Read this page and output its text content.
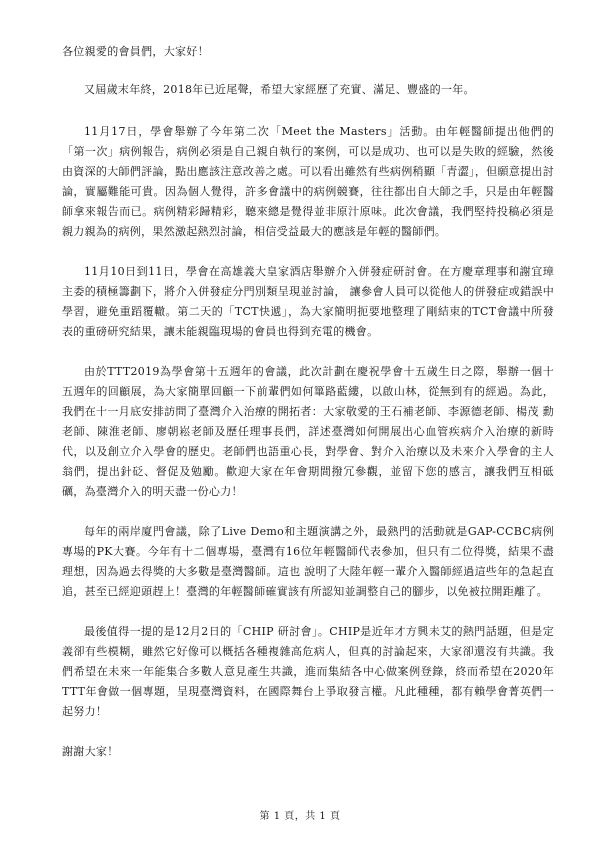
各位親愛的會員們，大家好！

又屆歲末年終，2018年已近尾聲，希望大家經歷了充實、滿足、豐盛的一年。

11月17日，學會舉辦了今年第二次「Meet the Masters」活動。由年輕醫師提出他們的「第一次」病例報告，病例必須是自己親自執行的案例，可以是成功、也可以是失敗的經驗，然後由資深的大師們評論，點出應該注意改善之處。可以看出雖然有些病例稍顯「青澀」，但願意提出討論，實屬難能可貴。因為個人覺得，許多會議中的病例競賽，往往都出自大師之手，只是由年輕醫師拿來報告而已。病例精彩歸精彩，聽來總是覺得並非原汁原味。此次會議，我們堅持投稿必須是親力親為的病例，果然激起熱烈討論，相信受益最大的應該是年輕的醫師們。

11月10日到11日，學會在高雄義大皇家酒店舉辦介入併發症研討會。在方慶章理事和謝宜璋主委的積極籌劃下，將介入併發症分門別類呈現並討論， 讓參會人員可以從他人的併發症或錯誤中學習，避免重蹈覆轍。第二天的「TCT快遞」，為大家簡明扼要地整理了剛結束的TCT會議中所發表的重磅研究結果，讓未能親臨現場的會員也得到充電的機會。

由於TTT2019為學會第十五週年的會議，此次計劃在慶祝學會十五歲生日之際，舉辦一個十五週年的回顧展，為大家簡單回顧一下前輩們如何篳路藍縷，以啟山林，從無到有的經過。為此，我們在十一月底安排訪問了臺灣介入治療的開拓者：大家敬愛的王石補老師、李源德老師、楊茂 勳老師、陳淮老師、廖朝崧老師及歷任理事長們，詳述臺灣如何開展出心血管疾病介入治療的新時代，以及創立介入學會的歷史。老師們也語重心長，對學會、對介入治療以及未來介入學會的主人翁們，提出針砭、督促及勉勵。歡迎大家在年會期間撥冗參觀，並留下您的感言，讓我們互相砥礪，為臺灣介入的明天盡一份心力！

每年的兩岸廈門會議，除了Live Demo和主題演講之外，最熱門的活動就是GAP-CCBC病例專場的PK大賽。今年有十二個專場，臺灣有16位年輕醫師代表參加，但只有二位得獎，結果不盡理想，因為過去得獎的大多數是臺灣醫師。這也 說明了大陸年輕一輩介入醫師經過這些年的急起直追，甚至已經迎頭趕上！臺灣的年輕醫師確實該有所認知並調整自己的腳步，以免被拉開距離了。

最後值得一提的是12月2日的「CHIP 研討會」。CHIP是近年才方興未艾的熱門話題，但是定義卻有些模糊，雖然它好像可以概括各種複雜高危病人，但真的討論起來，大家卻還沒有共識。我們希望在未來一年能集合多數人意見產生共識，進而集結各中心做案例登錄，終而希望在2020年TTT年會做一個專題，呈現臺灣資料，在國際舞台上爭取發言權。凡此種種，都有賴學會菁英們一起努力！

謝謝大家！

第 1 頁，共 1 頁
